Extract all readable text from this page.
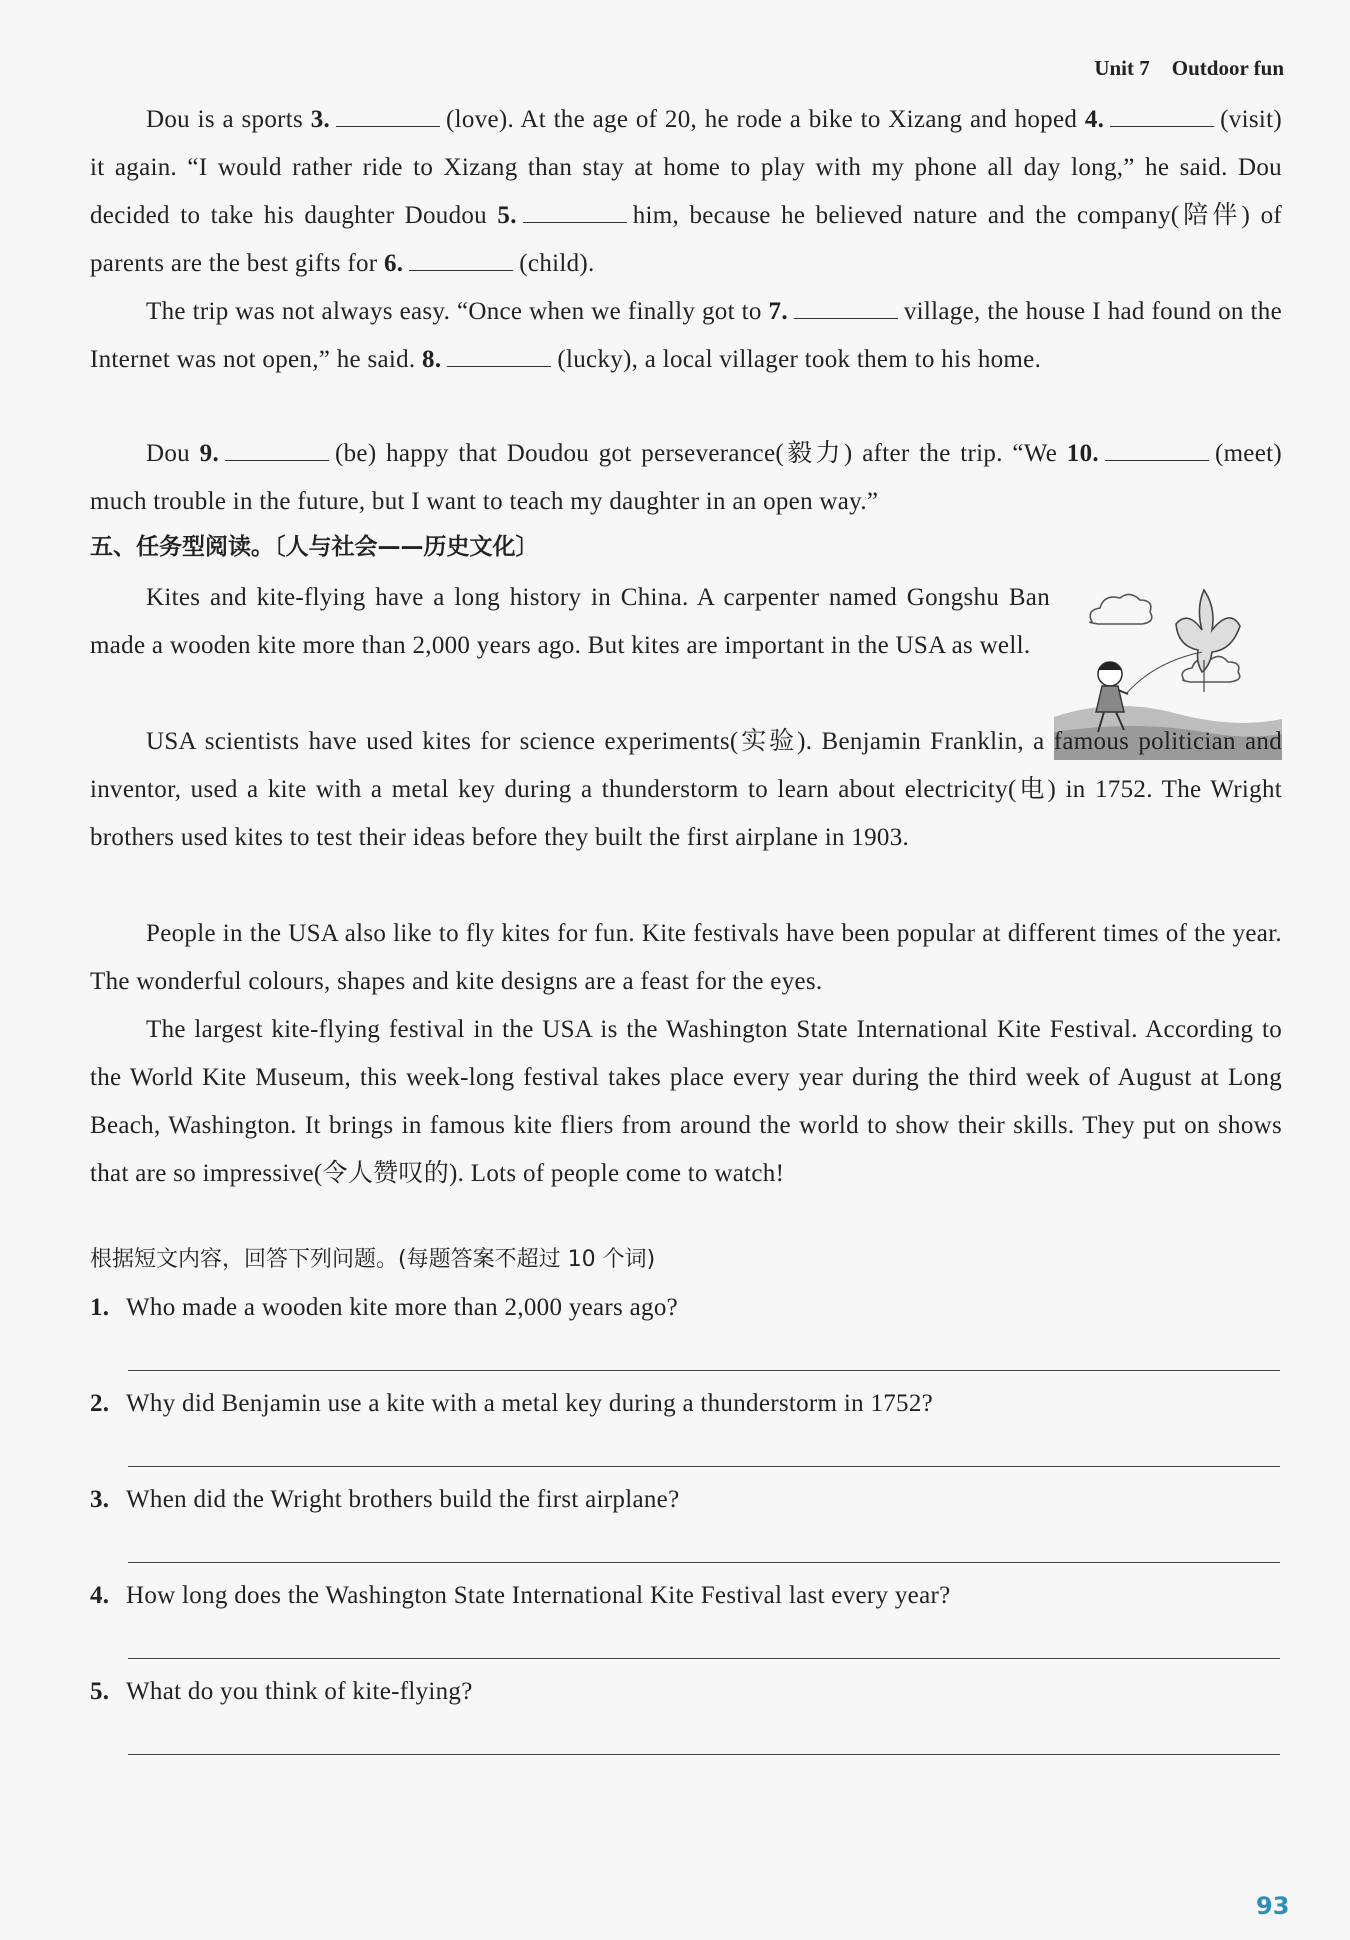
Unit 7 Outdoor fun

Dou is a sports 3.	(love). At the age of 20, he rode a bike to Xizang and hoped 4.	(visit) it again. “I would rather ride to Xizang than stay at home to play with my phone all day long,” he said. Dou decided to take his daughter Doudou 5.	him, because he believed nature and the company(陪伴) of parents are the best gifts for 6.	(child).

The trip was not always easy. “Once when we finally got to 7.	village, the house I had found on the Internet was not open,” he said. 8.	(lucky), a local villager took them to his home.

Dou 9.	(be) happy that Doudou got perseverance(毅力) after the trip. “We 10.	(meet) much trouble in the future, but I want to teach my daughter in an open way.”

五、任务型阅读。〔人与社会——历史文化〕

Kites and kite-flying have a long history in China. A carpenter named Gongshu Ban made a wooden kite more than 2,000 years ago. But kites are important in the USA as well.

USA scientists have used kites for science experiments(实验). Benjamin Franklin, a famous politician and inventor, used a kite with a metal key during a thunderstorm to learn about electricity(电) in 1752. The Wright brothers used kites to test their ideas before they built the first airplane in 1903.

People in the USA also like to fly kites for fun. Kite festivals have been popular at different times of the year. The wonderful colours, shapes and kite designs are a feast for the eyes.

The largest kite-flying festival in the USA is the Washington State International Kite Festival. According to the World Kite Museum, this week-long festival takes place every year during the third week of August at Long Beach, Washington. It brings in famous kite fliers from around the world to show their skills. They put on shows that are so impressive(令人赞叹的). Lots of people come to watch!

根据短文内容，回答下列问题。(每题答案不超过 10 个词)
1. Who made a wooden kite more than 2,000 years ago?
2. Why did Benjamin use a kite with a metal key during a thunderstorm in 1752?
3. When did the Wright brothers build the first airplane?
4. How long does the Washington State International Kite Festival last every year?
5. What do you think of kite-flying?
93
